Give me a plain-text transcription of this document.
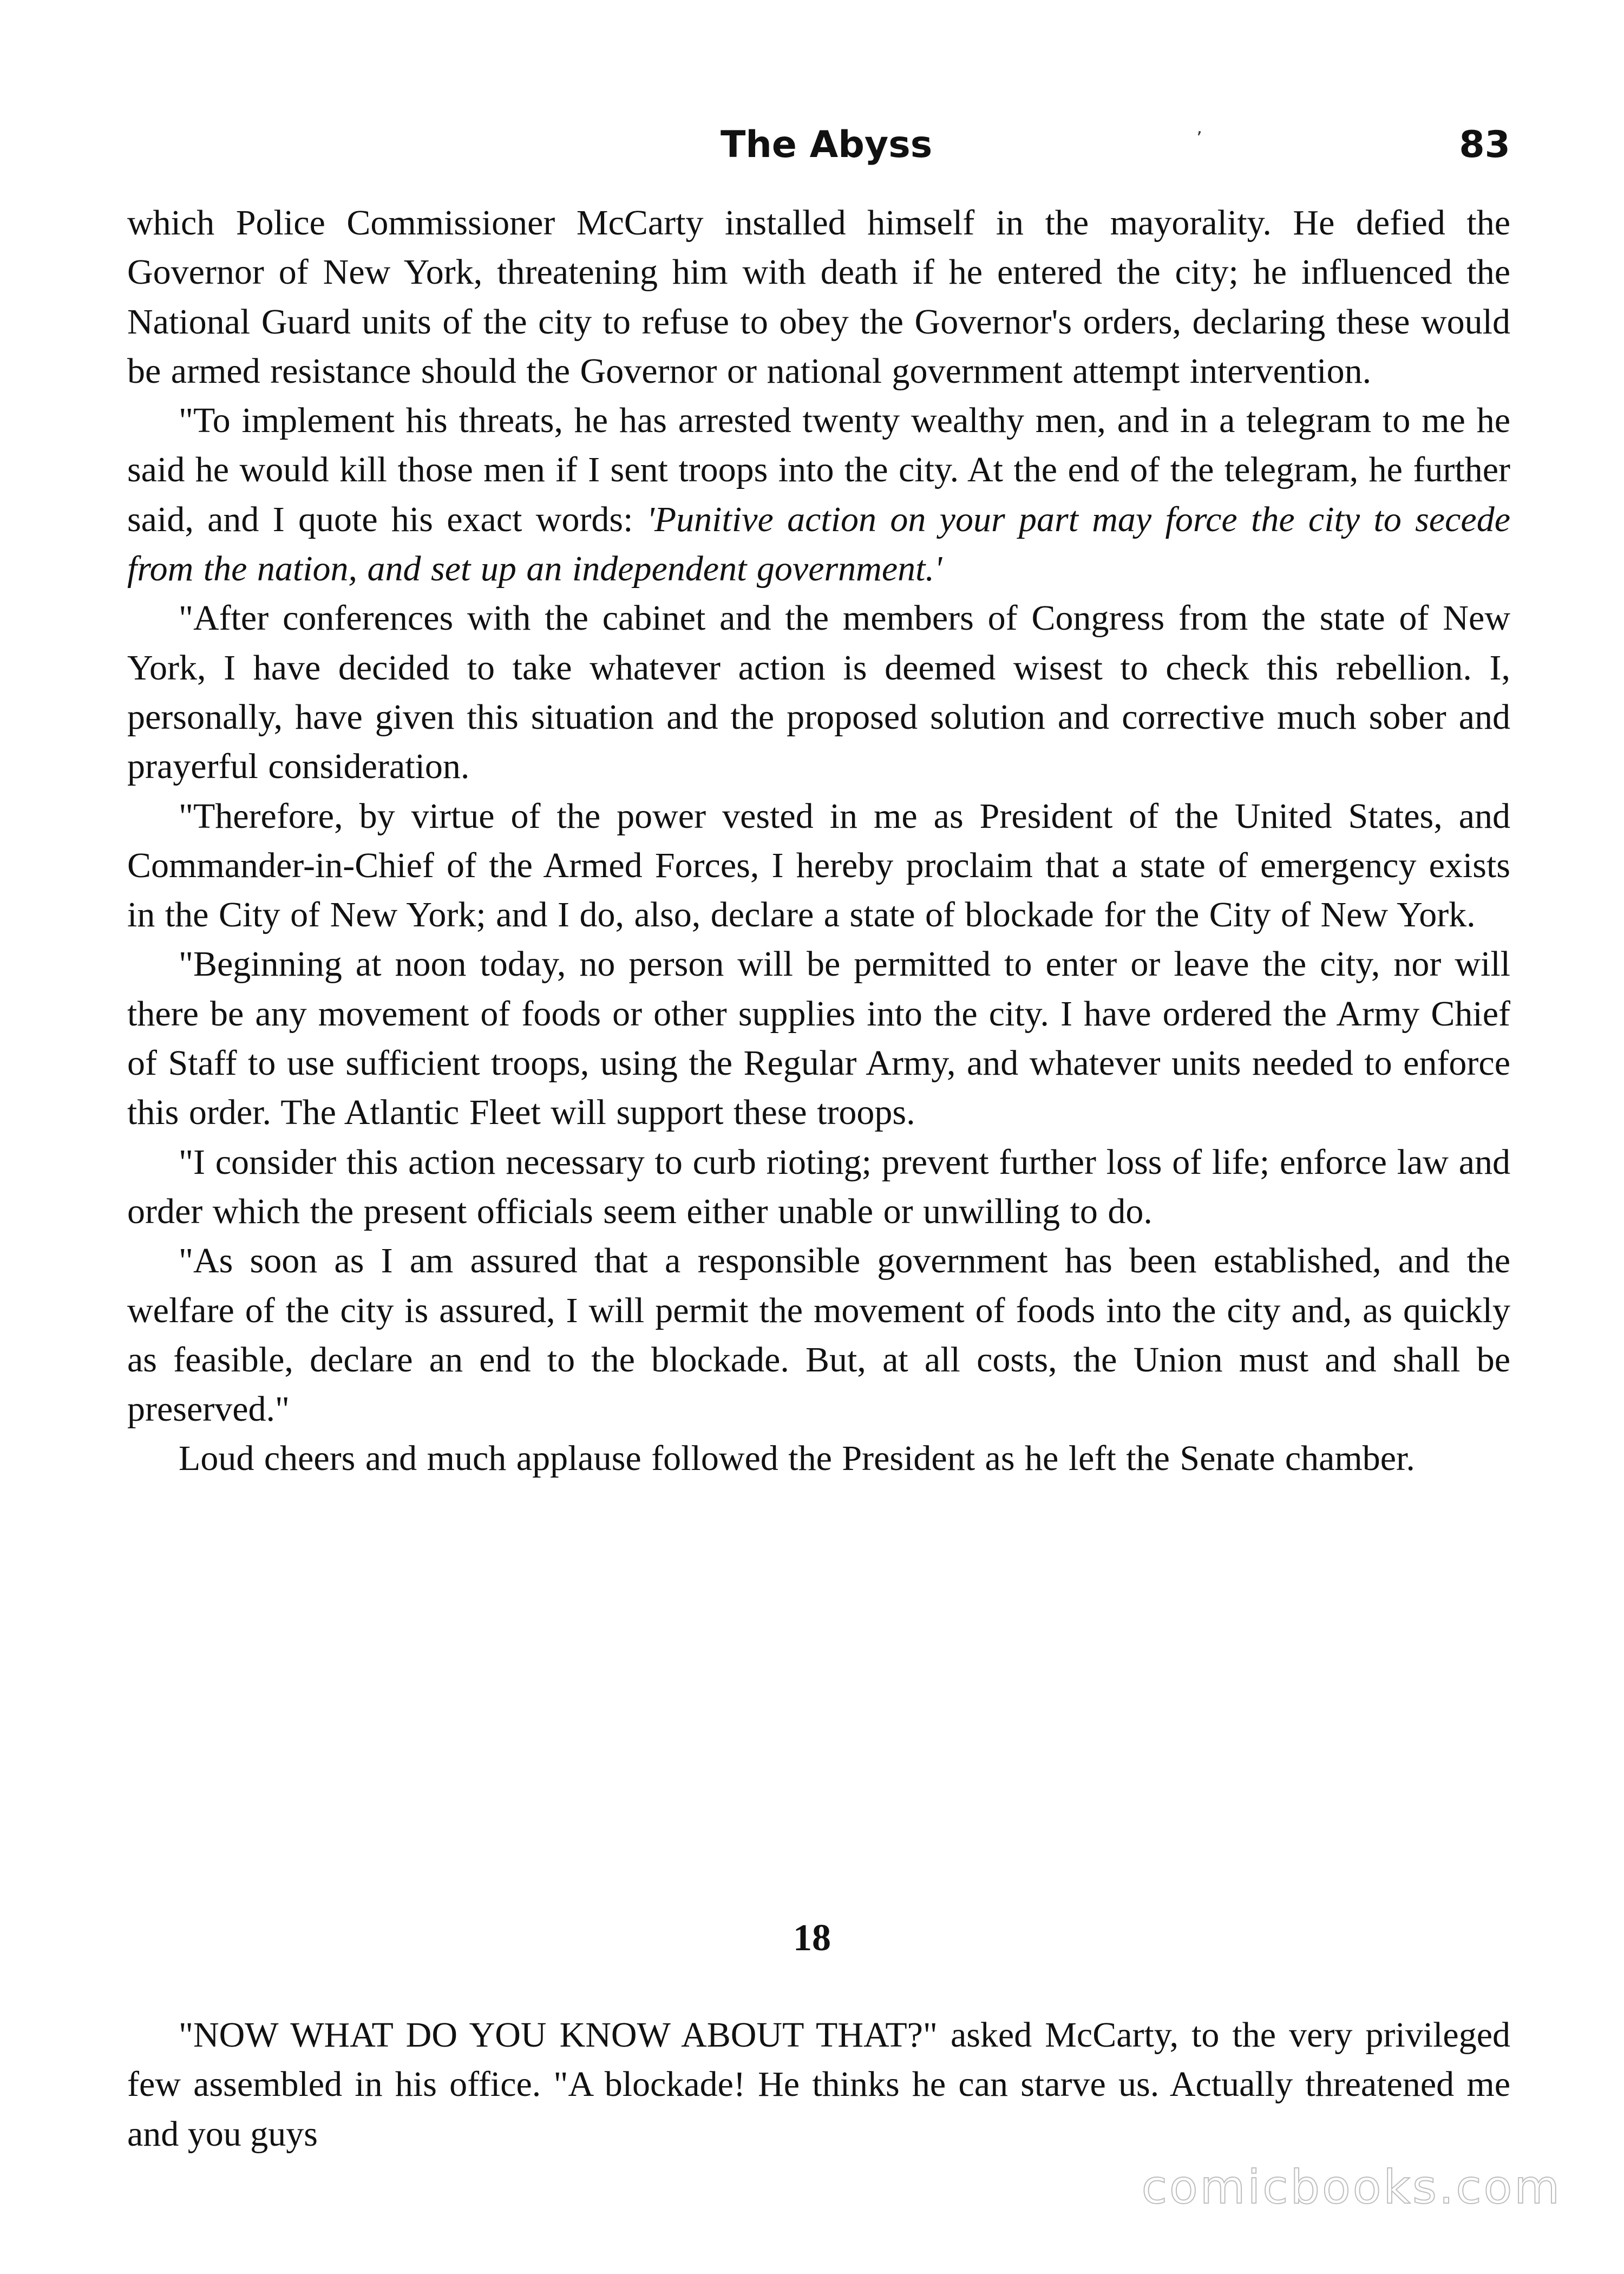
The Abyss	ʼ	83

which Police Commissioner McCarty installed himself in the mayorality. He defied the Governor of New York, threatening him with death if he entered the city; he influenced the National Guard units of the city to refuse to obey the Governor's orders, declaring these would be armed resistance should the Governor or national government attempt intervention.

"To implement his threats, he has arrested twenty wealthy men, and in a telegram to me he said he would kill those men if I sent troops into the city. At the end of the telegram, he further said, and I quote his exact words: 'Punitive action on your part may force the city to secede from the nation, and set up an independent government.'

"After conferences with the cabinet and the members of Congress from the state of New York, I have decided to take whatever action is deemed wisest to check this rebellion. I, personally, have given this situation and the proposed solution and corrective much sober and prayerful consideration.

"Therefore, by virtue of the power vested in me as President of the United States, and Commander-in-Chief of the Armed Forces, I hereby proclaim that a state of emergency exists in the City of New York; and I do, also, declare a state of blockade for the City of New York.

"Beginning at noon today, no person will be permitted to enter or leave the city, nor will there be any movement of foods or other supplies into the city. I have ordered the Army Chief of Staff to use sufficient troops, using the Regular Army, and whatever units needed to enforce this order. The Atlantic Fleet will support these troops.

"I consider this action necessary to curb rioting; prevent further loss of life; enforce law and order which the present officials seem either unable or unwilling to do.

"As soon as I am assured that a responsible government has been established, and the welfare of the city is assured, I will permit the movement of foods into the city and, as quickly as feasible, declare an end to the blockade. But, at all costs, the Union must and shall be preserved."

Loud cheers and much applause followed the President as he left the Senate chamber.

18

"NOW WHAT DO YOU KNOW ABOUT THAT?" asked McCarty, to the very privileged few assembled in his office. "A blockade! He thinks he can starve us. Actually threatened me and you guys

comicbooks.com
